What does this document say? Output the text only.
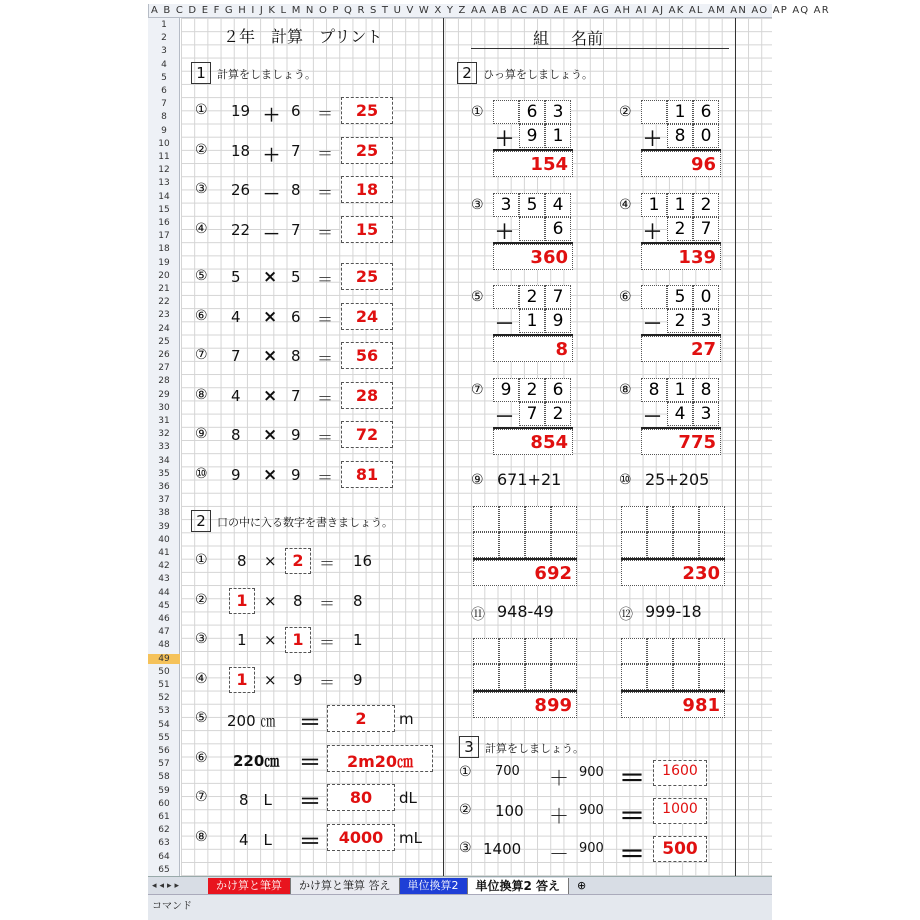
A B C D E F G H I J K L M N O P Q R S T U V W X Y Z AA AB AC AD AE AF AG AH AI AJ AK AL AM AN AO AP AQ AR
1
2
3
4
5
6
7
8
9
10
11
12
13
14
15
16
17
18
19
20
21
22
23
24
25
26
27
28
29
30
31
32
33
34
35
36
37
38
39
40
41
42
43
44
45
46
47
48
49
50
51
52
53
54
55
56
57
58
59
60
61
62
63
64
65
２年　計算　プリント	組 名前
1	計算をしましょう。
① 19 ＋ 6 ＝	25
② 18 ＋ 7 ＝	25
③ 26 － 8 ＝	18
④ 22 － 7 ＝	15
⑤ 5 × 5 ＝	25
⑥ 4 × 6 ＝	24
⑦ 7 × 8 ＝	56
⑧ 4 × 7 ＝	28
⑨ 8 × 9 ＝	72
⑩ 9 × 9 ＝	81
2	口の中に入る数字を書きましょう。
① 8 × 2 ＝ 16
②	1	× 8 ＝ 8
③ 1 × 1 ＝ 1
④	1	× 9 ＝ 9
⑤ 200 ㎝ ＝	2	m
⑥ 220㎝ ＝	2m20㎝
⑦ 8　L ＝	80	dL
⑧ 4　L ＝	4000	mL
2	ひっ算をしましょう。
①	6 3
＋ 9 1
154
②	1 6
＋ 8 0
96
③	3 5 4
＋	6
360
④	1 1 2
＋ 2 7
139
⑤	2 7
－ 1 9
8
⑥	5 0
－ 2 3
27
⑦	9 2 6
－ 7 2
854
⑧	8 1 8
－ 4 3
775
⑨ 671+21
692
⑩ 25+205
230
⑪ 948-49
899
⑫ 999-18
981
3	計算をしましょう。
① 700 ＋ 900 ＝	1600
② 100 ＋ 900 ＝	1000
③ 1400 － 900 ＝	500
◂◂▸▸	かけ算と筆算	かけ算と筆算 答え	単位換算2	単位換算2 答え	⊕
コマンド
